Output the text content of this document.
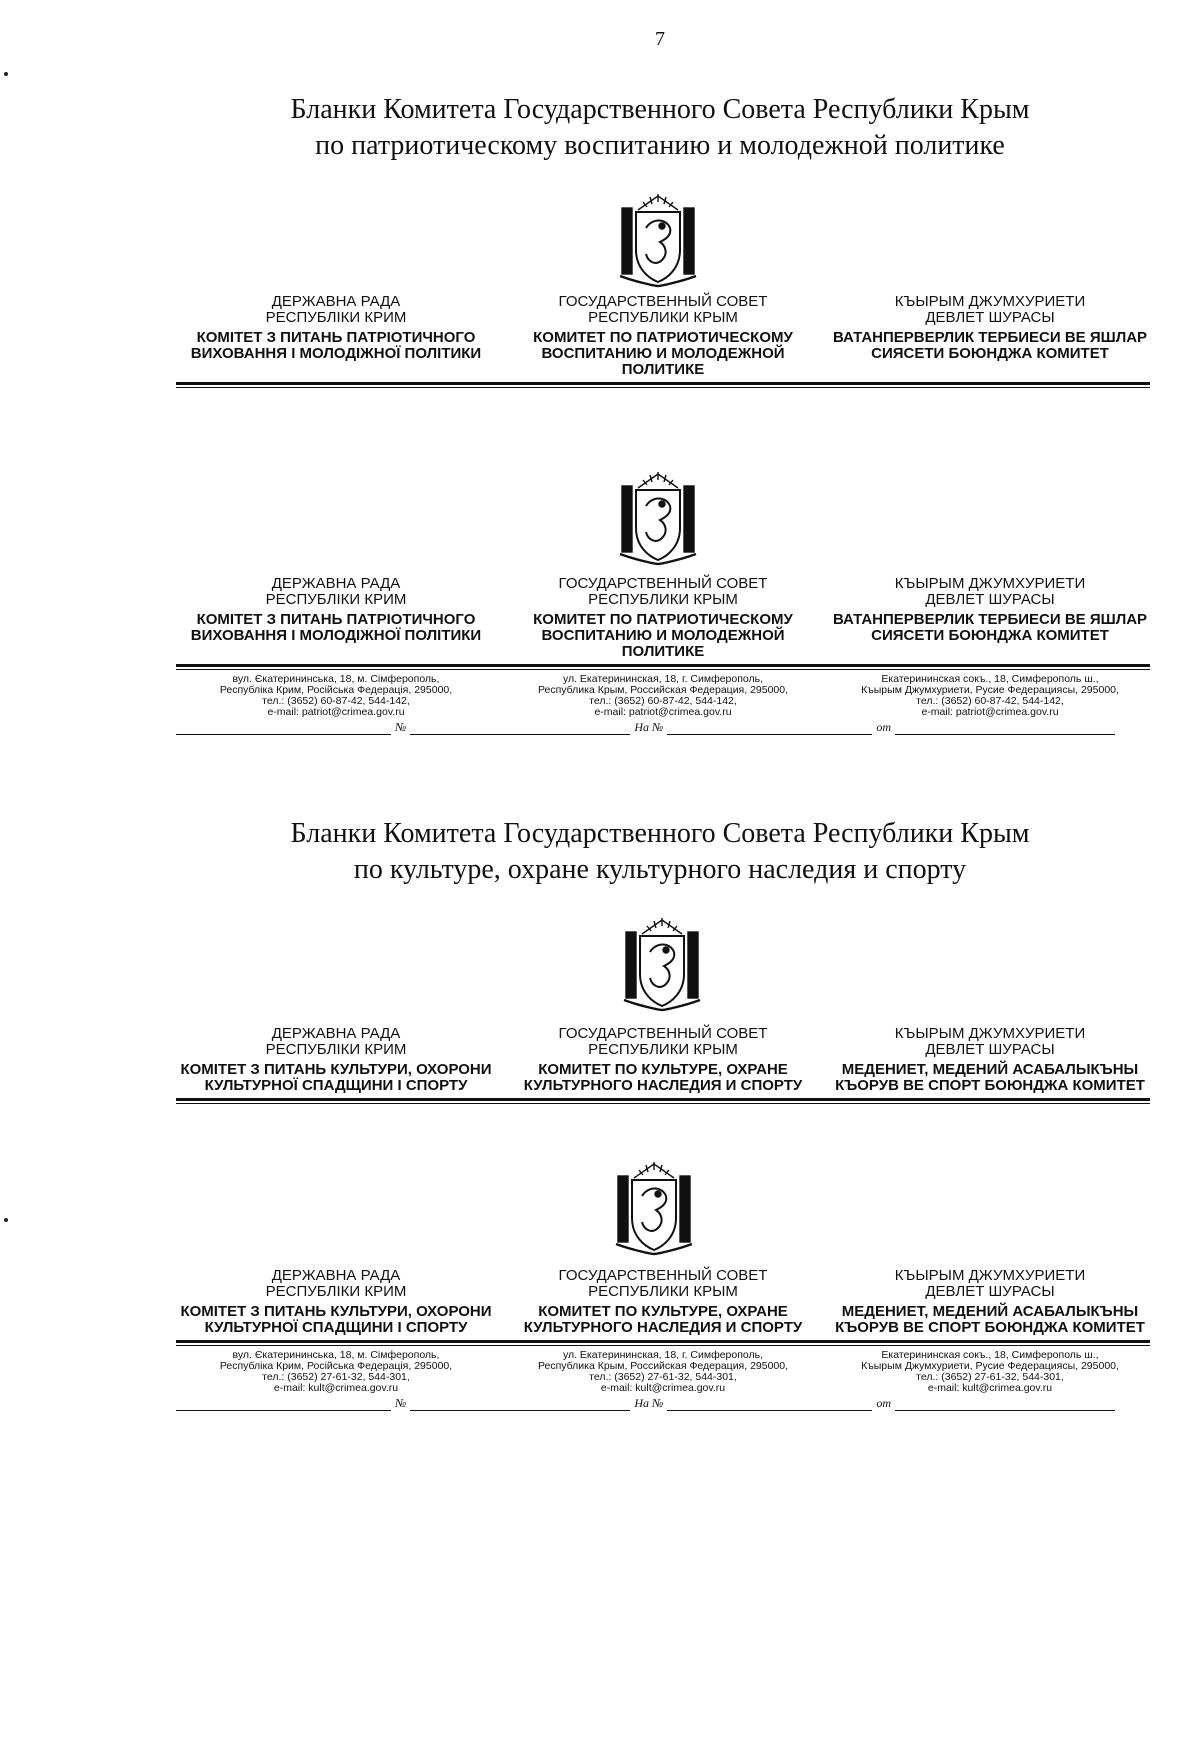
7
Бланки Комитета Государственного Совета Республики Крым
по патриотическому воспитанию и молодежной политике
ДЕРЖАВНА РАДА
РЕСПУБЛІКИ КРИМ
КОМІТЕТ З ПИТАНЬ ПАТРІОТИЧНОГО ВИХОВАННЯ І МОЛОДІЖНОЇ ПОЛІТИКИ
ГОСУДАРСТВЕННЫЙ СОВЕТ
РЕСПУБЛИКИ КРЫМ
КОМИТЕТ ПО ПАТРИОТИЧЕСКОМУ ВОСПИТАНИЮ И МОЛОДЕЖНОЙ ПОЛИТИКЕ
КЪЫРЫМ ДЖУМХУРИЕТИ
ДЕВЛЕТ ШУРАСЫ
ВАТАНПЕРВЕРЛИК ТЕРБИЕСИ ВЕ ЯШЛАР СИЯСЕТИ БОЮНДЖА КОМИТЕТ
ДЕРЖАВНА РАДА
РЕСПУБЛІКИ КРИМ
КОМІТЕТ З ПИТАНЬ ПАТРІОТИЧНОГО ВИХОВАННЯ І МОЛОДІЖНОЇ ПОЛІТИКИ
ГОСУДАРСТВЕННЫЙ СОВЕТ
РЕСПУБЛИКИ КРЫМ
КОМИТЕТ ПО ПАТРИОТИЧЕСКОМУ ВОСПИТАНИЮ И МОЛОДЕЖНОЙ ПОЛИТИКЕ
КЪЫРЫМ ДЖУМХУРИЕТИ
ДЕВЛЕТ ШУРАСЫ
ВАТАНПЕРВЕРЛИК ТЕРБИЕСИ ВЕ ЯШЛАР СИЯСЕТИ БОЮНДЖА КОМИТЕТ
вул. Єкатерининська, 18, м. Сімферополь,
Республіка Крим, Російська Федерація, 295000,
тел.: (3652) 60-87-42, 544-142,
e-mail: patriot@crimea.gov.ru
ул. Екатерининская, 18, г. Симферополь,
Республика Крым, Российская Федерация, 295000,
тел.: (3652) 60-87-42, 544-142,
e-mail: patriot@crimea.gov.ru
Екатерининская сокъ., 18, Симферополь ш.,
Къырым Джумхуриети, Русие Федерациясы, 295000,
тел.: (3652) 60-87-42, 544-142,
e-mail: patriot@crimea.gov.ru
№	На №	от
Бланки Комитета Государственного Совета Республики Крым
по культуре, охране культурного наследия и спорту
ДЕРЖАВНА РАДА
РЕСПУБЛІКИ КРИМ
КОМІТЕТ З ПИТАНЬ КУЛЬТУРИ, ОХОРОНИ КУЛЬТУРНОЇ СПАДЩИНИ І СПОРТУ
ГОСУДАРСТВЕННЫЙ СОВЕТ
РЕСПУБЛИКИ КРЫМ
КОМИТЕТ ПО КУЛЬТУРЕ, ОХРАНЕ КУЛЬТУРНОГО НАСЛЕДИЯ И СПОРТУ
КЪЫРЫМ ДЖУМХУРИЕТИ
ДЕВЛЕТ ШУРАСЫ
МЕДЕНИЕТ, МЕДЕНИЙ АСАБАЛЫКЪНЫ КЪОРУВ ВЕ СПОРТ БОЮНДЖА КОМИТЕТ
ДЕРЖАВНА РАДА
РЕСПУБЛІКИ КРИМ
КОМІТЕТ З ПИТАНЬ КУЛЬТУРИ, ОХОРОНИ КУЛЬТУРНОЇ СПАДЩИНИ І СПОРТУ
ГОСУДАРСТВЕННЫЙ СОВЕТ
РЕСПУБЛИКИ КРЫМ
КОМИТЕТ ПО КУЛЬТУРЕ, ОХРАНЕ КУЛЬТУРНОГО НАСЛЕДИЯ И СПОРТУ
КЪЫРЫМ ДЖУМХУРИЕТИ
ДЕВЛЕТ ШУРАСЫ
МЕДЕНИЕТ, МЕДЕНИЙ АСАБАЛЫКЪНЫ КЪОРУВ ВЕ СПОРТ БОЮНДЖА КОМИТЕТ
вул. Єкатерининська, 18, м. Сімферополь,
Республіка Крим, Російська Федерація, 295000,
тел.: (3652) 27-61-32, 544-301,
e-mail: kult@crimea.gov.ru
ул. Екатерининская, 18, г. Симферополь,
Республика Крым, Российская Федерация, 295000,
тел.: (3652) 27-61-32, 544-301,
e-mail: kult@crimea.gov.ru
Екатерининская сокъ., 18, Симферополь ш.,
Къырым Джумхуриети, Русие Федерациясы, 295000,
тел.: (3652) 27-61-32, 544-301,
e-mail: kult@crimea.gov.ru
№	На №	от
